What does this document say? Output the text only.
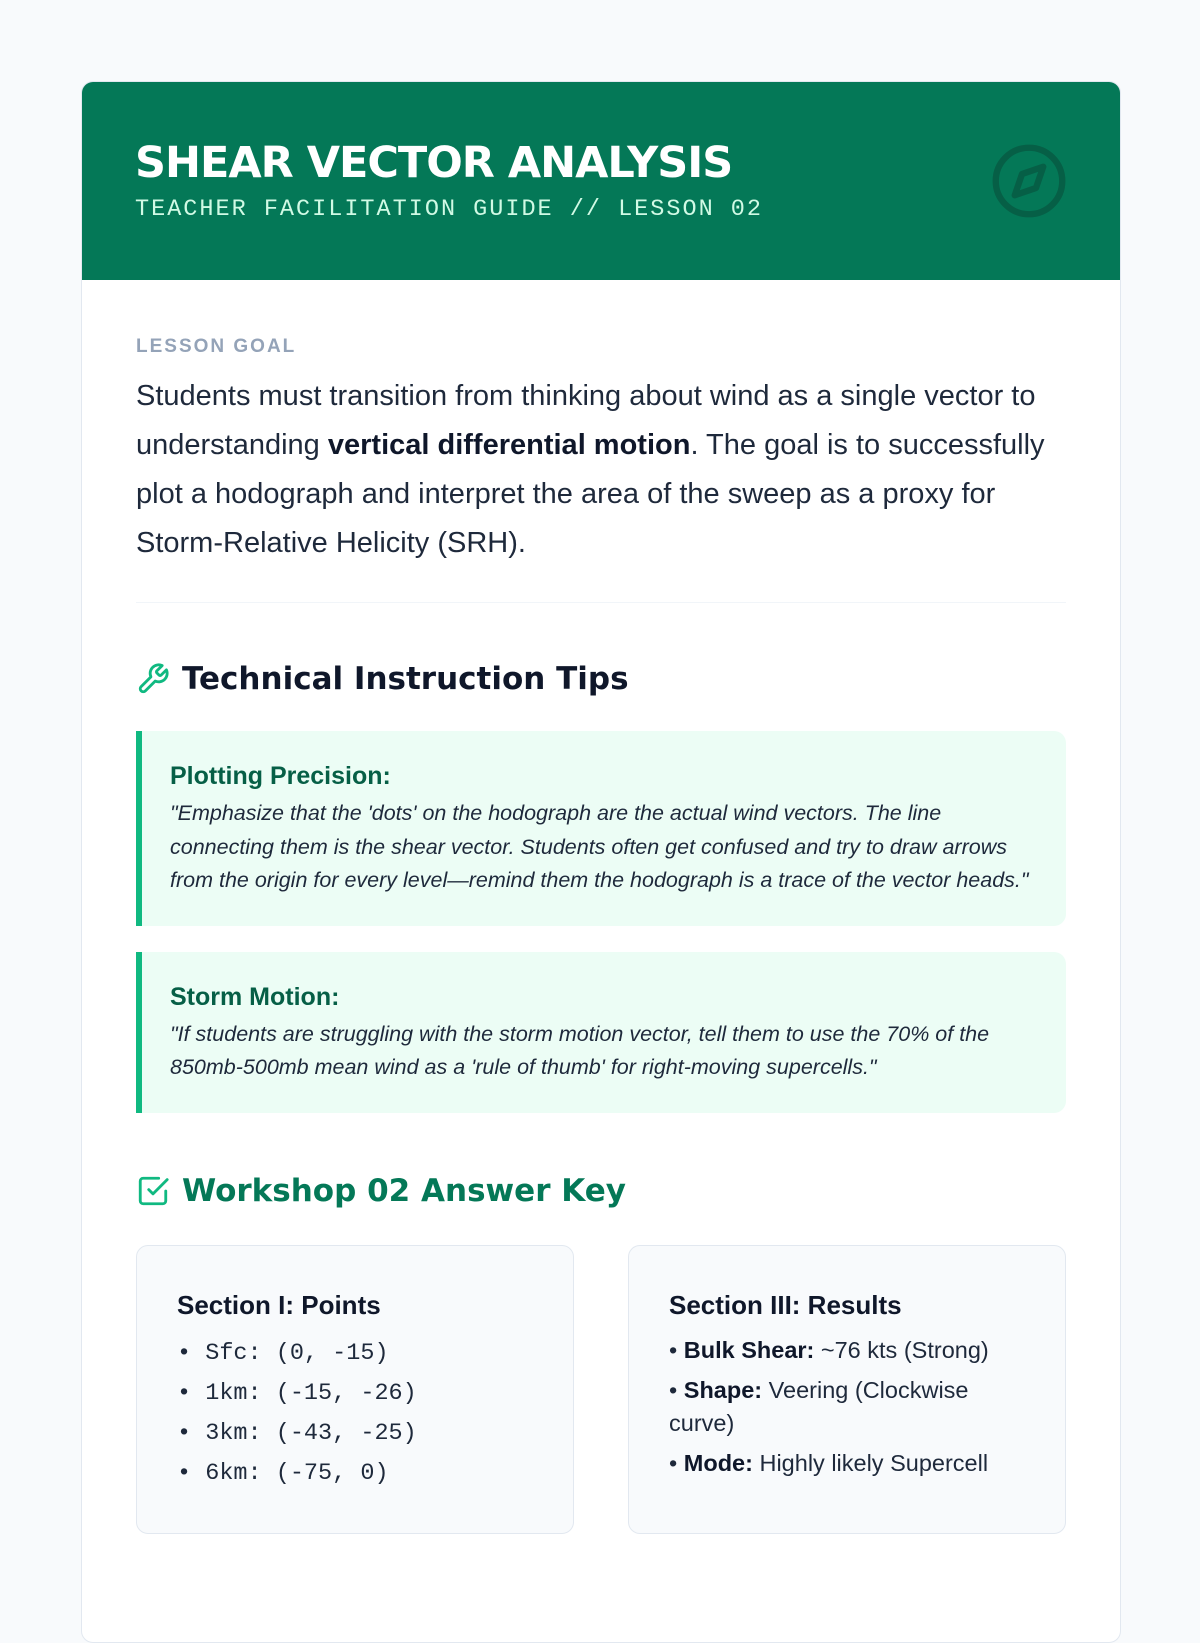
SHEAR VECTOR ANALYSIS
TEACHER FACILITATION GUIDE // LESSON 02
LESSON GOAL

Students must transition from thinking about wind as a single vector to understanding vertical differential motion. The goal is to successfully plot a hodograph and interpret the area of the sweep as a proxy for Storm-Relative Helicity (SRH).

Technical Instruction Tips
Plotting Precision:
"Emphasize that the 'dots' on the hodograph are the actual wind vectors. The line connecting them is the shear vector. Students often get confused and try to draw arrows from the origin for every level—remind them the hodograph is a trace of the vector heads."
Storm Motion:
"If students are struggling with the storm motion vector, tell them to use the 70% of the 850mb-500mb mean wind as a 'rule of thumb' for right-moving supercells."
Workshop 02 Answer Key
Section I: Points
• Sfc: (0, -15)
• 1km: (-15, -26)
• 3km: (-43, -25)
• 6km: (-75, 0)
Section III: Results
• Bulk Shear: ~76 kts (Strong)
• Shape: Veering (Clockwise curve)
• Mode: Highly likely Supercell
